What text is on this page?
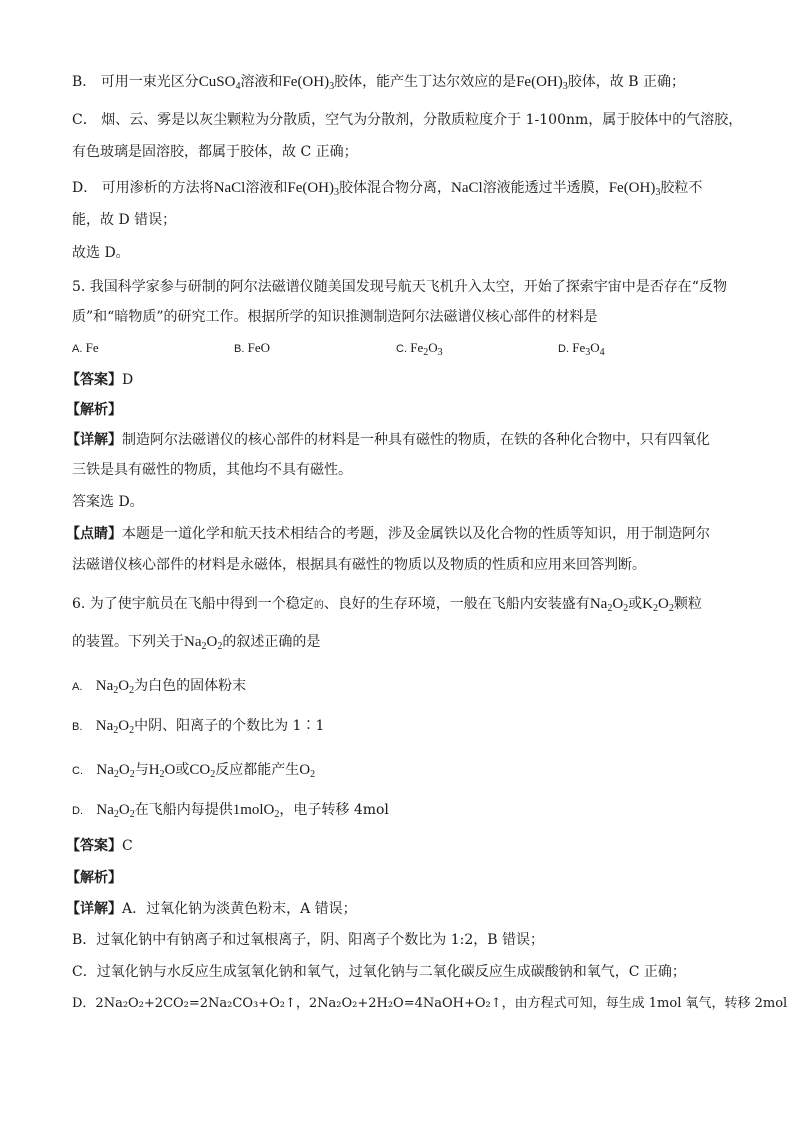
B． 可用一束光区分CuSO$_4$溶液和$Fe(OH)_3$胶体，能产生丁达尔效应的是$Fe(OH)_3$胶体，故 B 正确；
C． 烟、云、雾是以灰尘颗粒为分散质，空气为分散剂，分散质粒度介于 1-100nm，属于胶体中的气溶胶，
有色玻璃是固溶胶，都属于胶体，故 C 正确；
D． 可用渗析的方法将NaCl溶液和$Fe(OH)_3$胶体混合物分离，NaCl溶液能透过半透膜，$Fe(OH)_3$胶粒不
能，故 D 错误；
故选 D。
5. 我国科学家参与研制的阿尔法磁谱仪随美国发现号航天飞机升入太空，开始了探索宇宙中是否存在“反物
质”和“暗物质”的研究工作。根据所学的知识推测制造阿尔法磁谱仪核心部件的材料是
A. Fe	B. FeO	C. $Fe_2O_3$	D. $Fe_3O_4$
【答案】D
【解析】
【详解】制造阿尔法磁谱仪的核心部件的材料是一种具有磁性的物质，在铁的各种化合物中，只有四氧化
三铁是具有磁性的物质，其他均不具有磁性。
答案选 D。
【点睛】本题是一道化学和航天技术相结合的考题，涉及金属铁以及化合物的性质等知识，用于制造阿尔
法磁谱仪核心部件的材料是永磁体，根据具有磁性的物质以及物质的性质和应用来回答判断。
6. 为了使宇航员在飞船中得到一个稳定的、良好的生存环境，一般在飞船内安装盛有$Na_2O_2$或$K_2O_2$颗粒
的装置。下列关于$Na_2O_2$的叙述正确的是
A. $Na_2O_2$为白色的固体粉末
B. $Na_2O_2$中阴、阳离子的个数比为 1∶1
C. $Na_2O_2$与$H_2O$或$CO_2$反应都能产生$O_2$
D. $Na_2O_2$在飞船内每提供1molO$_2$，电子转移 4mol
【答案】C
【解析】
【详解】A．过氧化钠为淡黄色粉末，A 错误；
B．过氧化钠中有钠离子和过氧根离子，阴、阳离子个数比为 1:2，B 错误；
C．过氧化钠与水反应生成氢氧化钠和氧气，过氧化钠与二氧化碳反应生成碳酸钠和氧气，C 正确；
D．2Na₂O₂+2CO₂=2Na₂CO₃+O₂↑，2Na₂O₂+2H₂O=4NaOH+O₂↑，由方程式可知，每生成 1mol 氧气，转移 2mol
